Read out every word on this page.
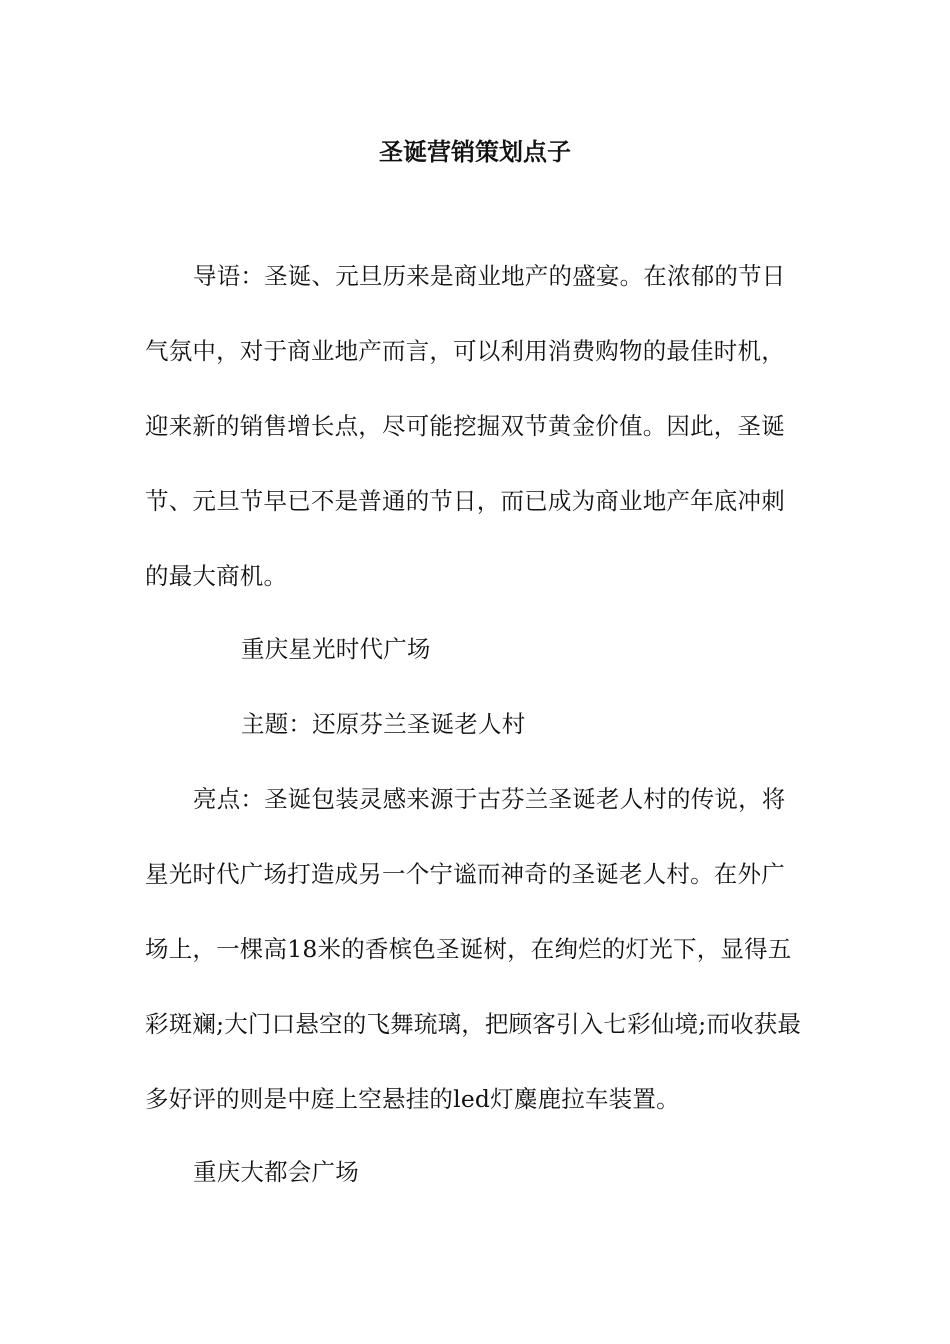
圣诞营销策划点子

导语：圣诞、元旦历来是商业地产的盛宴。在浓郁的节日气氛中，对于商业地产而言，可以利用消费购物的最佳时机，迎来新的销售增长点，尽可能挖掘双节黄金价值。因此，圣诞节、元旦节早已不是普通的节日，而已成为商业地产年底冲刺的最大商机。

重庆星光时代广场

主题：还原芬兰圣诞老人村

亮点：圣诞包装灵感来源于古芬兰圣诞老人村的传说，将星光时代广场打造成另一个宁谧而神奇的圣诞老人村。在外广场上，一棵高18米的香槟色圣诞树，在绚烂的灯光下，显得五彩斑斓;大门口悬空的飞舞琉璃，把顾客引入七彩仙境;而收获最多好评的则是中庭上空悬挂的led灯麋鹿拉车装置。

重庆大都会广场
